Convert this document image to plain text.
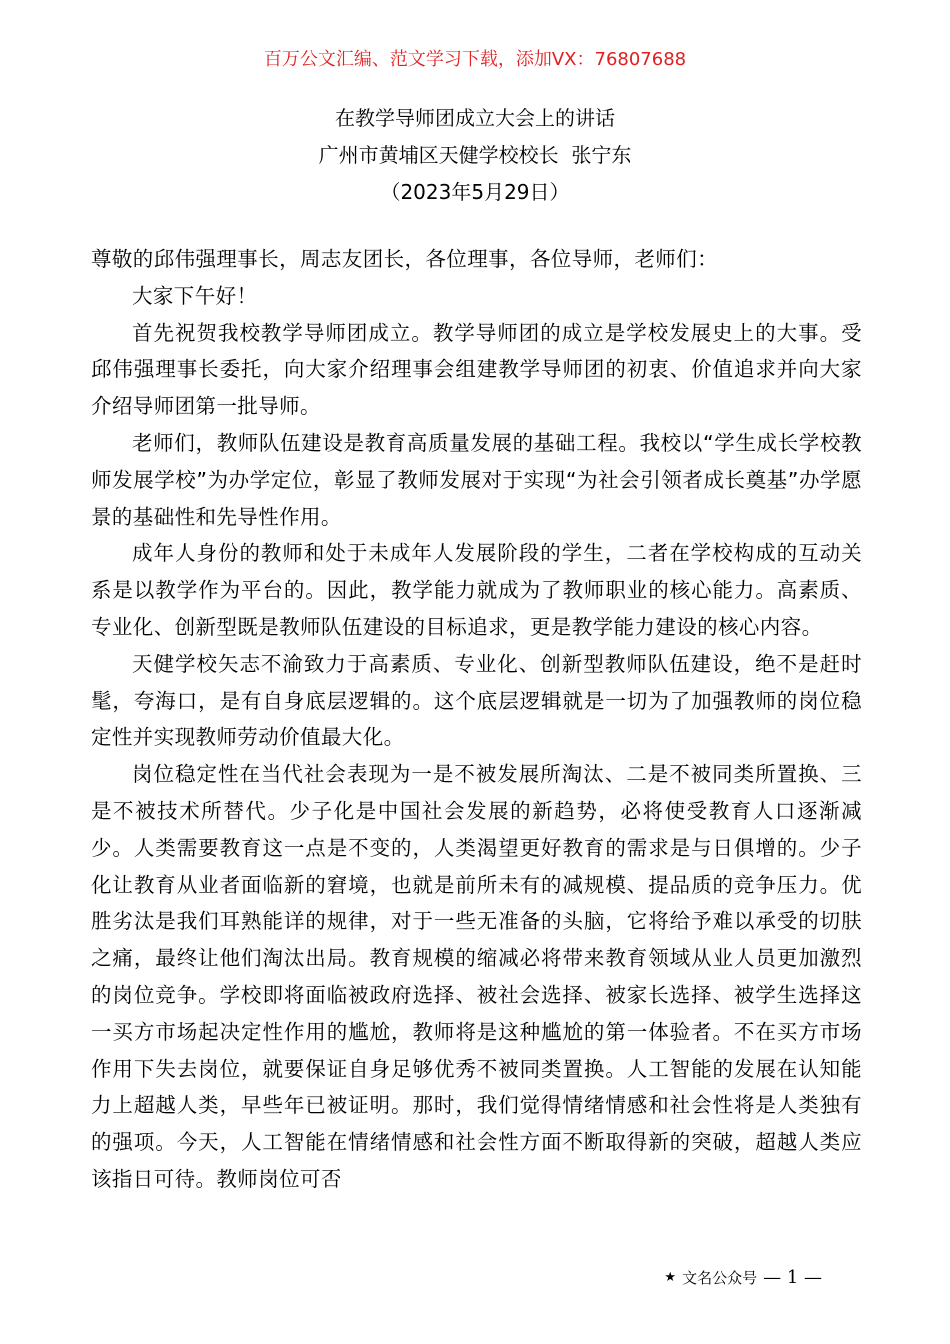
百万公文汇编、范文学习下载，添加VX：76807688
在教学导师团成立大会上的讲话
广州市黄埔区天健学校校长  张宁东
（2023年5月29日）

尊敬的邱伟强理事长，周志友团长，各位理事，各位导师，老师们：

大家下午好！

首先祝贺我校教学导师团成立。教学导师团的成立是学校发展史上的大事。受邱伟强理事长委托，向大家介绍理事会组建教学导师团的初衷、价值追求并向大家介绍导师团第一批导师。

老师们，教师队伍建设是教育高质量发展的基础工程。我校以“学生成长学校教师发展学校”为办学定位，彰显了教师发展对于实现“为社会引领者成长奠基”办学愿景的基础性和先导性作用。

成年人身份的教师和处于未成年人发展阶段的学生，二者在学校构成的互动关系是以教学作为平台的。因此，教学能力就成为了教师职业的核心能力。高素质、专业化、创新型既是教师队伍建设的目标追求，更是教学能力建设的核心内容。

天健学校矢志不渝致力于高素质、专业化、创新型教师队伍建设，绝不是赶时髦，夸海口，是有自身底层逻辑的。这个底层逻辑就是一切为了加强教师的岗位稳定性并实现教师劳动价值最大化。

岗位稳定性在当代社会表现为一是不被发展所淘汰、二是不被同类所置换、三是不被技术所替代。少子化是中国社会发展的新趋势，必将使受教育人口逐渐减少。人类需要教育这一点是不变的，人类渴望更好教育的需求是与日俱增的。少子化让教育从业者面临新的窘境，也就是前所未有的减规模、提品质的竞争压力。优胜劣汰是我们耳熟能详的规律，对于一些无准备的头脑，它将给予难以承受的切肤之痛，最终让他们淘汰出局。教育规模的缩减必将带来教育领域从业人员更加激烈的岗位竞争。学校即将面临被政府选择、被社会选择、被家长选择、被学生选择这一买方市场起决定性作用的尴尬，教师将是这种尴尬的第一体验者。不在买方市场作用下失去岗位，就要保证自身足够优秀不被同类置换。人工智能的发展在认知能力上超越人类，早些年已被证明。那时，我们觉得情绪情感和社会性将是人类独有的强项。今天，人工智能在情绪情感和社会性方面不断取得新的突破，超越人类应该指日可待。教师岗位可否

★ 文名公众号 — 1 —
